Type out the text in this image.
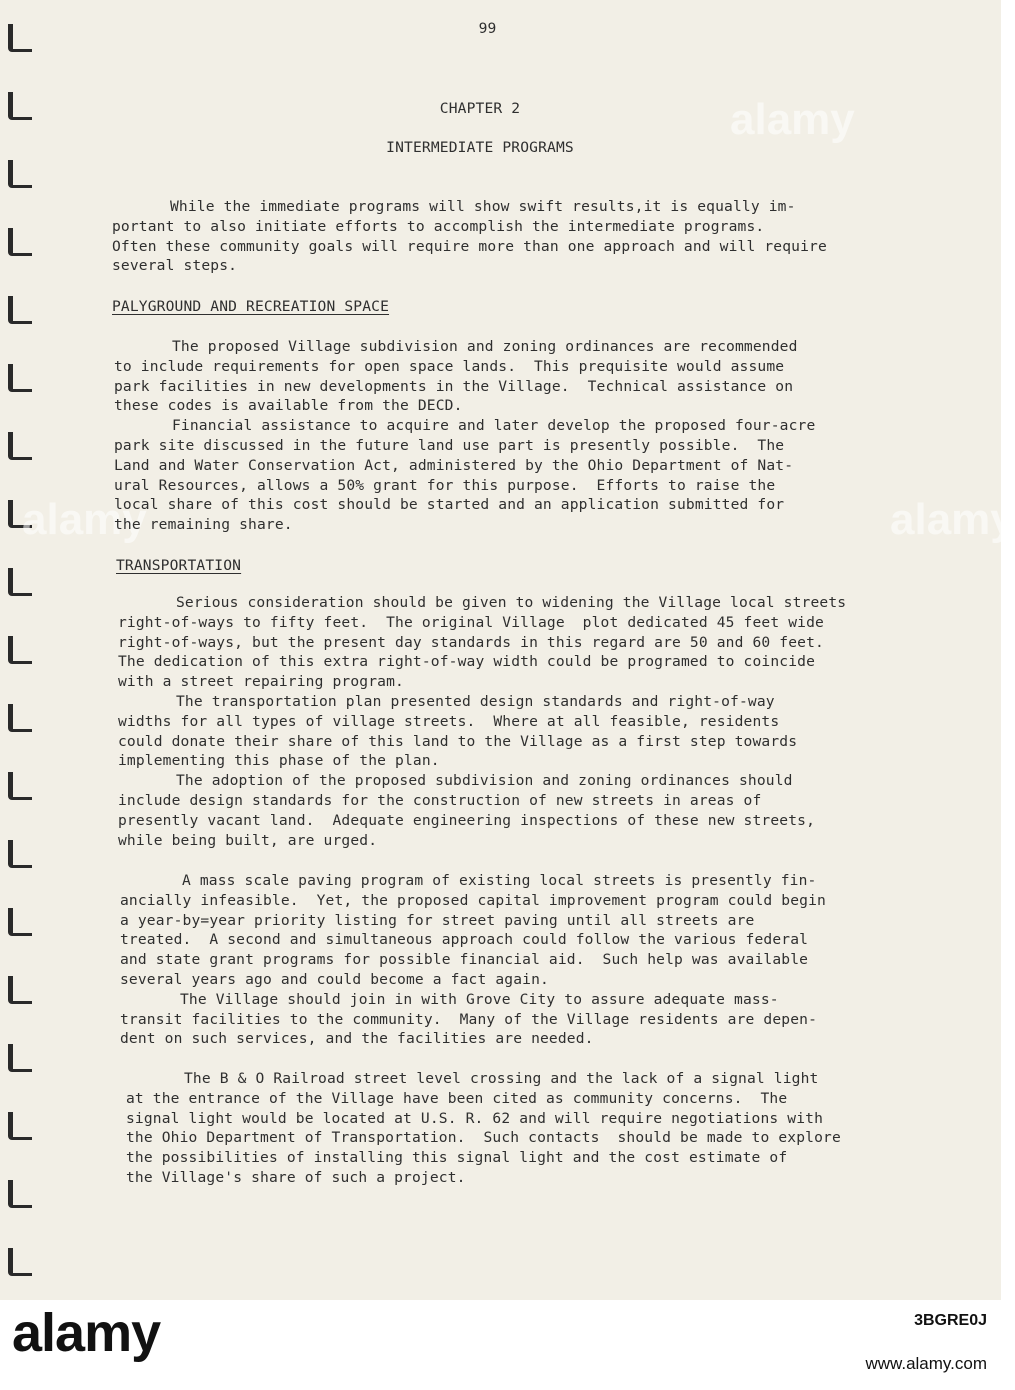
alamy
alamy
alamy
99
CHAPTER 2
INTERMEDIATE PROGRAMS
While the immediate programs will show swift results,it is equally im-
portant to also initiate efforts to accomplish the intermediate programs.
Often these community goals will require more than one approach and will require
several steps.
PALYGROUND AND RECREATION SPACE
The proposed Village subdivision and zoning ordinances are recommended
to include requirements for open space lands.  This prequisite would assume
park facilities in new developments in the Village.  Technical assistance on
these codes is available from the DECD.
Financial assistance to acquire and later develop the proposed four-acre
park site discussed in the future land use part is presently possible.  The
Land and Water Conservation Act, administered by the Ohio Department of Nat-
ural Resources, allows a 50% grant for this purpose.  Efforts to raise the
local share of this cost should be started and an application submitted for
the remaining share.
TRANSPORTATION
Serious consideration should be given to widening the Village local streets
right-of-ways to fifty feet.  The original Village  plot dedicated 45 feet wide
right-of-ways, but the present day standards in this regard are 50 and 60 feet.
The dedication of this extra right-of-way width could be programed to coincide
with a street repairing program.
The transportation plan presented design standards and right-of-way
widths for all types of village streets.  Where at all feasible, residents
could donate their share of this land to the Village as a first step towards
implementing this phase of the plan.
The adoption of the proposed subdivision and zoning ordinances should
include design standards for the construction of new streets in areas of
presently vacant land.  Adequate engineering inspections of these new streets,
while being built, are urged.
A mass scale paving program of existing local streets is presently fin-
ancially infeasible.  Yet, the proposed capital improvement program could begin
a year-by=year priority listing for street paving until all streets are
treated.  A second and simultaneous approach could follow the various federal
and state grant programs for possible financial aid.  Such help was available
several years ago and could become a fact again.
The Village should join in with Grove City to assure adequate mass-
transit facilities to the community.  Many of the Village residents are depen-
dent on such services, and the facilities are needed.
The B & O Railroad street level crossing and the lack of a signal light
at the entrance of the Village have been cited as community concerns.  The
signal light would be located at U.S. R. 62 and will require negotiations with
the Ohio Department of Transportation.  Such contacts  should be made to explore
the possibilities of installing this signal light and the cost estimate of
the Village's share of such a project.
alamy	3BGRE0J
www.alamy.com
